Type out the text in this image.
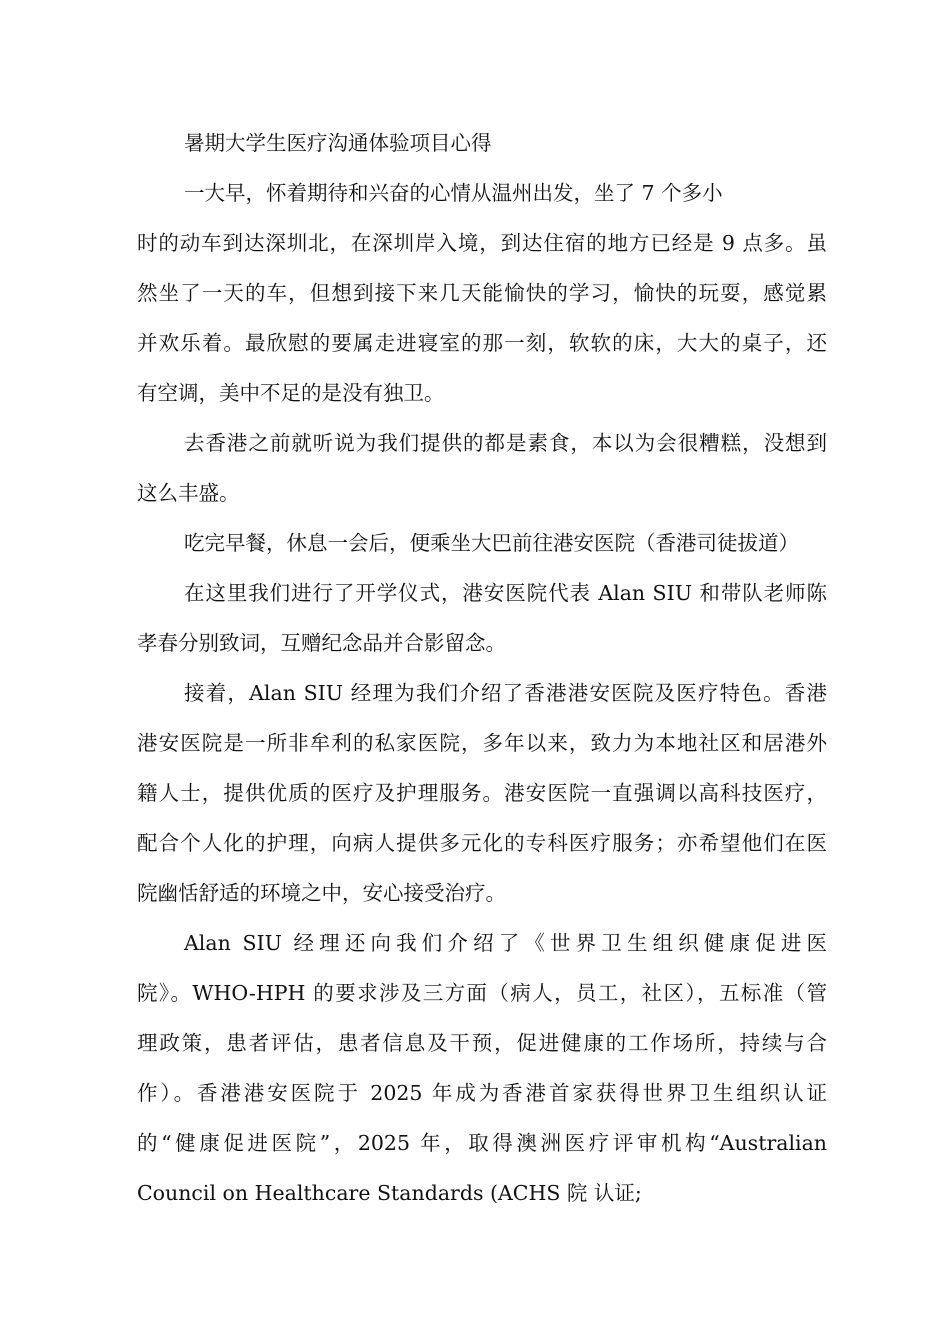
暑期大学生医疗沟通体验项目心得
一大早，怀着期待和兴奋的心情从温州出发，坐了 7 个多小
时的动车到达深圳北，在深圳岸入境，到达住宿的地方已经是 9 点多。虽
然坐了一天的车，但想到接下来几天能愉快的学习，愉快的玩耍，感觉累
并欢乐着。最欣慰的要属走进寝室的那一刻，软软的床，大大的桌子，还
有空调，美中不足的是没有独卫。
去香港之前就听说为我们提供的都是素食，本以为会很糟糕，没想到
这么丰盛。
吃完早餐，休息一会后，便乘坐大巴前往港安医院（香港司徒拔道）
在这里我们进行了开学仪式，港安医院代表 Alan SIU 和带队老师陈
孝春分别致词，互赠纪念品并合影留念。
接着，Alan SIU 经理为我们介绍了香港港安医院及医疗特色。香港
港安医院是一所非牟利的私家医院，多年以来，致力为本地社区和居港外
籍人士，提供优质的医疗及护理服务。港安医院一直强调以高科技医疗，
配合个人化的护理，向病人提供多元化的专科医疗服务；亦希望他们在医
院幽恬舒适的环境之中，安心接受治疗。
Alan SIU 经理还向我们介绍了《世界卫生组织健康促进医
院》。WHO-HPH 的要求涉及三方面（病人，员工，社区），五标准（管
理政策，患者评估，患者信息及干预，促进健康的工作场所，持续与合
作）。香港港安医院于 2025 年成为香港首家获得世界卫生组织认证
的“健康促进医院”，2025 年，取得澳洲医疗评审机构“Australian
Council on Healthcare Standards (ACHS 院 认证;
